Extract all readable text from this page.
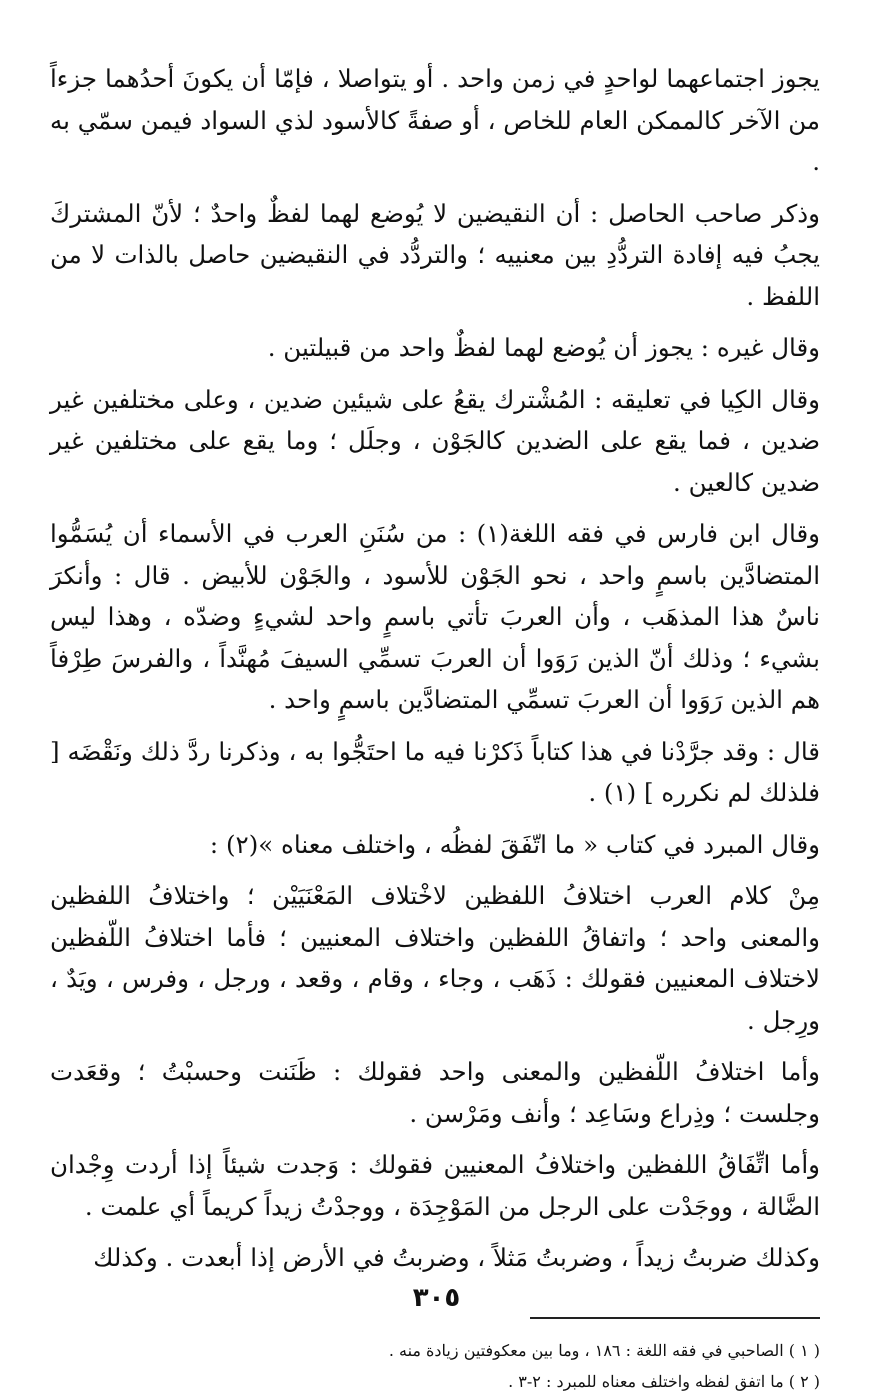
يجوز اجتماعهما لواحدٍ في زمن واحد . أو يتواصلا ، فإمّا أن يكونَ أحدُهما جزءاً من الآخر كالممكن العام للخاص ، أو صفةً كالأسود لذي السواد فيمن سمّي به .

وذكر صاحب الحاصل : أن النقيضين لا يُوضع لهما لفظٌ واحدٌ ؛ لأنّ المشتركَ يجبُ فيه إفادة التردُّدِ بين معنييه ؛ والتردُّد في النقيضين حاصل بالذات لا من اللفظ .

وقال غيره : يجوز أن يُوضع لهما لفظٌ واحد من قبيلتين .

وقال الكِيا في تعليقه : المُشْترك يقعُ على شيئين ضدين ، وعلى مختلفين غير ضدين ، فما يقع على الضدين كالجَوْن ، وجلَل ؛ وما يقع على مختلفين غير ضدين كالعين .

وقال ابن فارس في فقه اللغة(١) : من سُنَنِ العرب في الأسماء أن يُسَمُّوا المتضادَّين باسمٍ واحد ، نحو الجَوْن للأسود ، والجَوْن للأبيض . قال : وأنكرَ ناسٌ هذا المذهَب ، وأن العربَ تأتي باسمٍ واحد لشيءٍ وضدّه ، وهذا ليس بشيء ؛ وذلك أنّ الذين رَوَوا أن العربَ تسمِّي السيفَ مُهنَّداً ، والفرسَ طِرْفاً هم الذين رَوَوا أن العربَ تسمِّي المتضادَّين باسمٍ واحد .

قال : وقد جرَّدْنا في هذا كتاباً ذَكرْنا فيه ما احتَجُّوا به ، وذكرنا ردَّ ذلك ونَقْضَه [ فلذلك لم نكرره ] (١) .

وقال المبرد في كتاب « ما اتّفَقَ لفظُه ، واختلف معناه »(٢) :

مِنْ كلام العرب اختلافُ اللفظين لاخْتلاف المَعْنَيَيْن ؛ واختلافُ اللفظين والمعنى واحد ؛ واتفاقُ اللفظين واختلاف المعنيين ؛ فأما اختلافُ اللّفظين لاختلاف المعنيين فقولك : ذَهَب ، وجاء ، وقام ، وقعد ، ورجل ، وفرس ، ويَدٌ ، ورِجل .

وأما اختلافُ اللّفظين والمعنى واحد فقولك : ظَنَنت وحسبْتُ ؛ وقعَدت وجلست ؛ وذِراع وسَاعِد ؛ وأنف ومَرْسن .

وأما اتِّفَاقُ اللفظين واختلافُ المعنيين فقولك : وَجدت شيئاً إذا أردت وِجْدان الضَّالة ، ووجَدْت على الرجل من المَوْجِدَة ، ووجدْتُ زيداً كريماً أي علمت .

وكذلك ضربتُ زيداً ، وضربتُ مَثلاً ، وضربتُ في الأرض إذا أبعدت . وكذلك

( ١ ) الصاحبي في فقه اللغة : ١٨٦ ، وما بين معكوفتين زيادة منه .

( ٢ ) ما اتفق لفظه واختلف معناه للمبرد : ٢-٣ .

٣٠٥
